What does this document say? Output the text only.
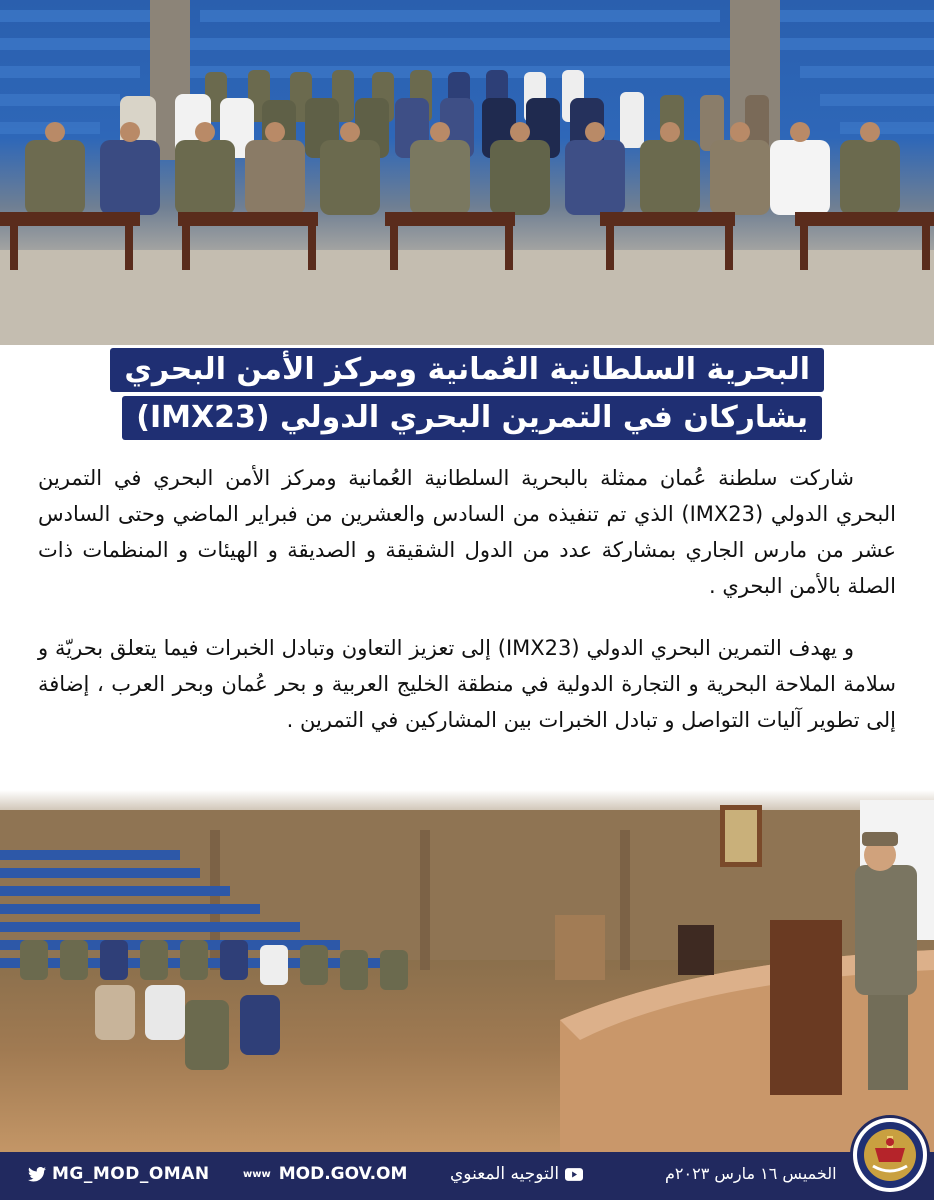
البحرية السلطانية العُمانية ومركز الأمن البحري
يشاركان في التمرين البحري الدولي (IMX23)

شاركت سلطنة عُمان ممثلة بالبحرية السلطانية العُمانية ومركز الأمن البحري في التمرين البحري الدولي (IMX23) الذي تم تنفيذه من السادس والعشرين من فبراير الماضي وحتى السادس عشر من مارس الجاري بمشاركة عدد من الدول الشقيقة و الصديقة و الهيئات و المنظمات ذات الصلة بالأمن البحري .

و يهدف التمرين البحري الدولي (IMX23) إلى تعزيز التعاون وتبادل الخبرات فيما يتعلق بحريّة و سلامة الملاحة البحرية و التجارة الدولية في منطقة الخليج العربية و بحر عُمان وبحر العرب ، إضافة إلى تطوير آليات التواصل و تبادل الخبرات بين المشاركين في التمرين .

MG_MOD_OMAN	www MOD.GOV.OM	التوجيه المعنوي	الخميس ١٦ مارس ٢٠٢٣م
